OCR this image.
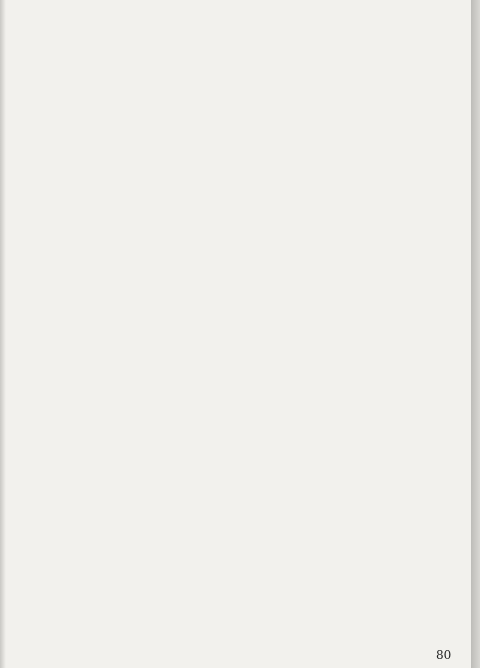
80
